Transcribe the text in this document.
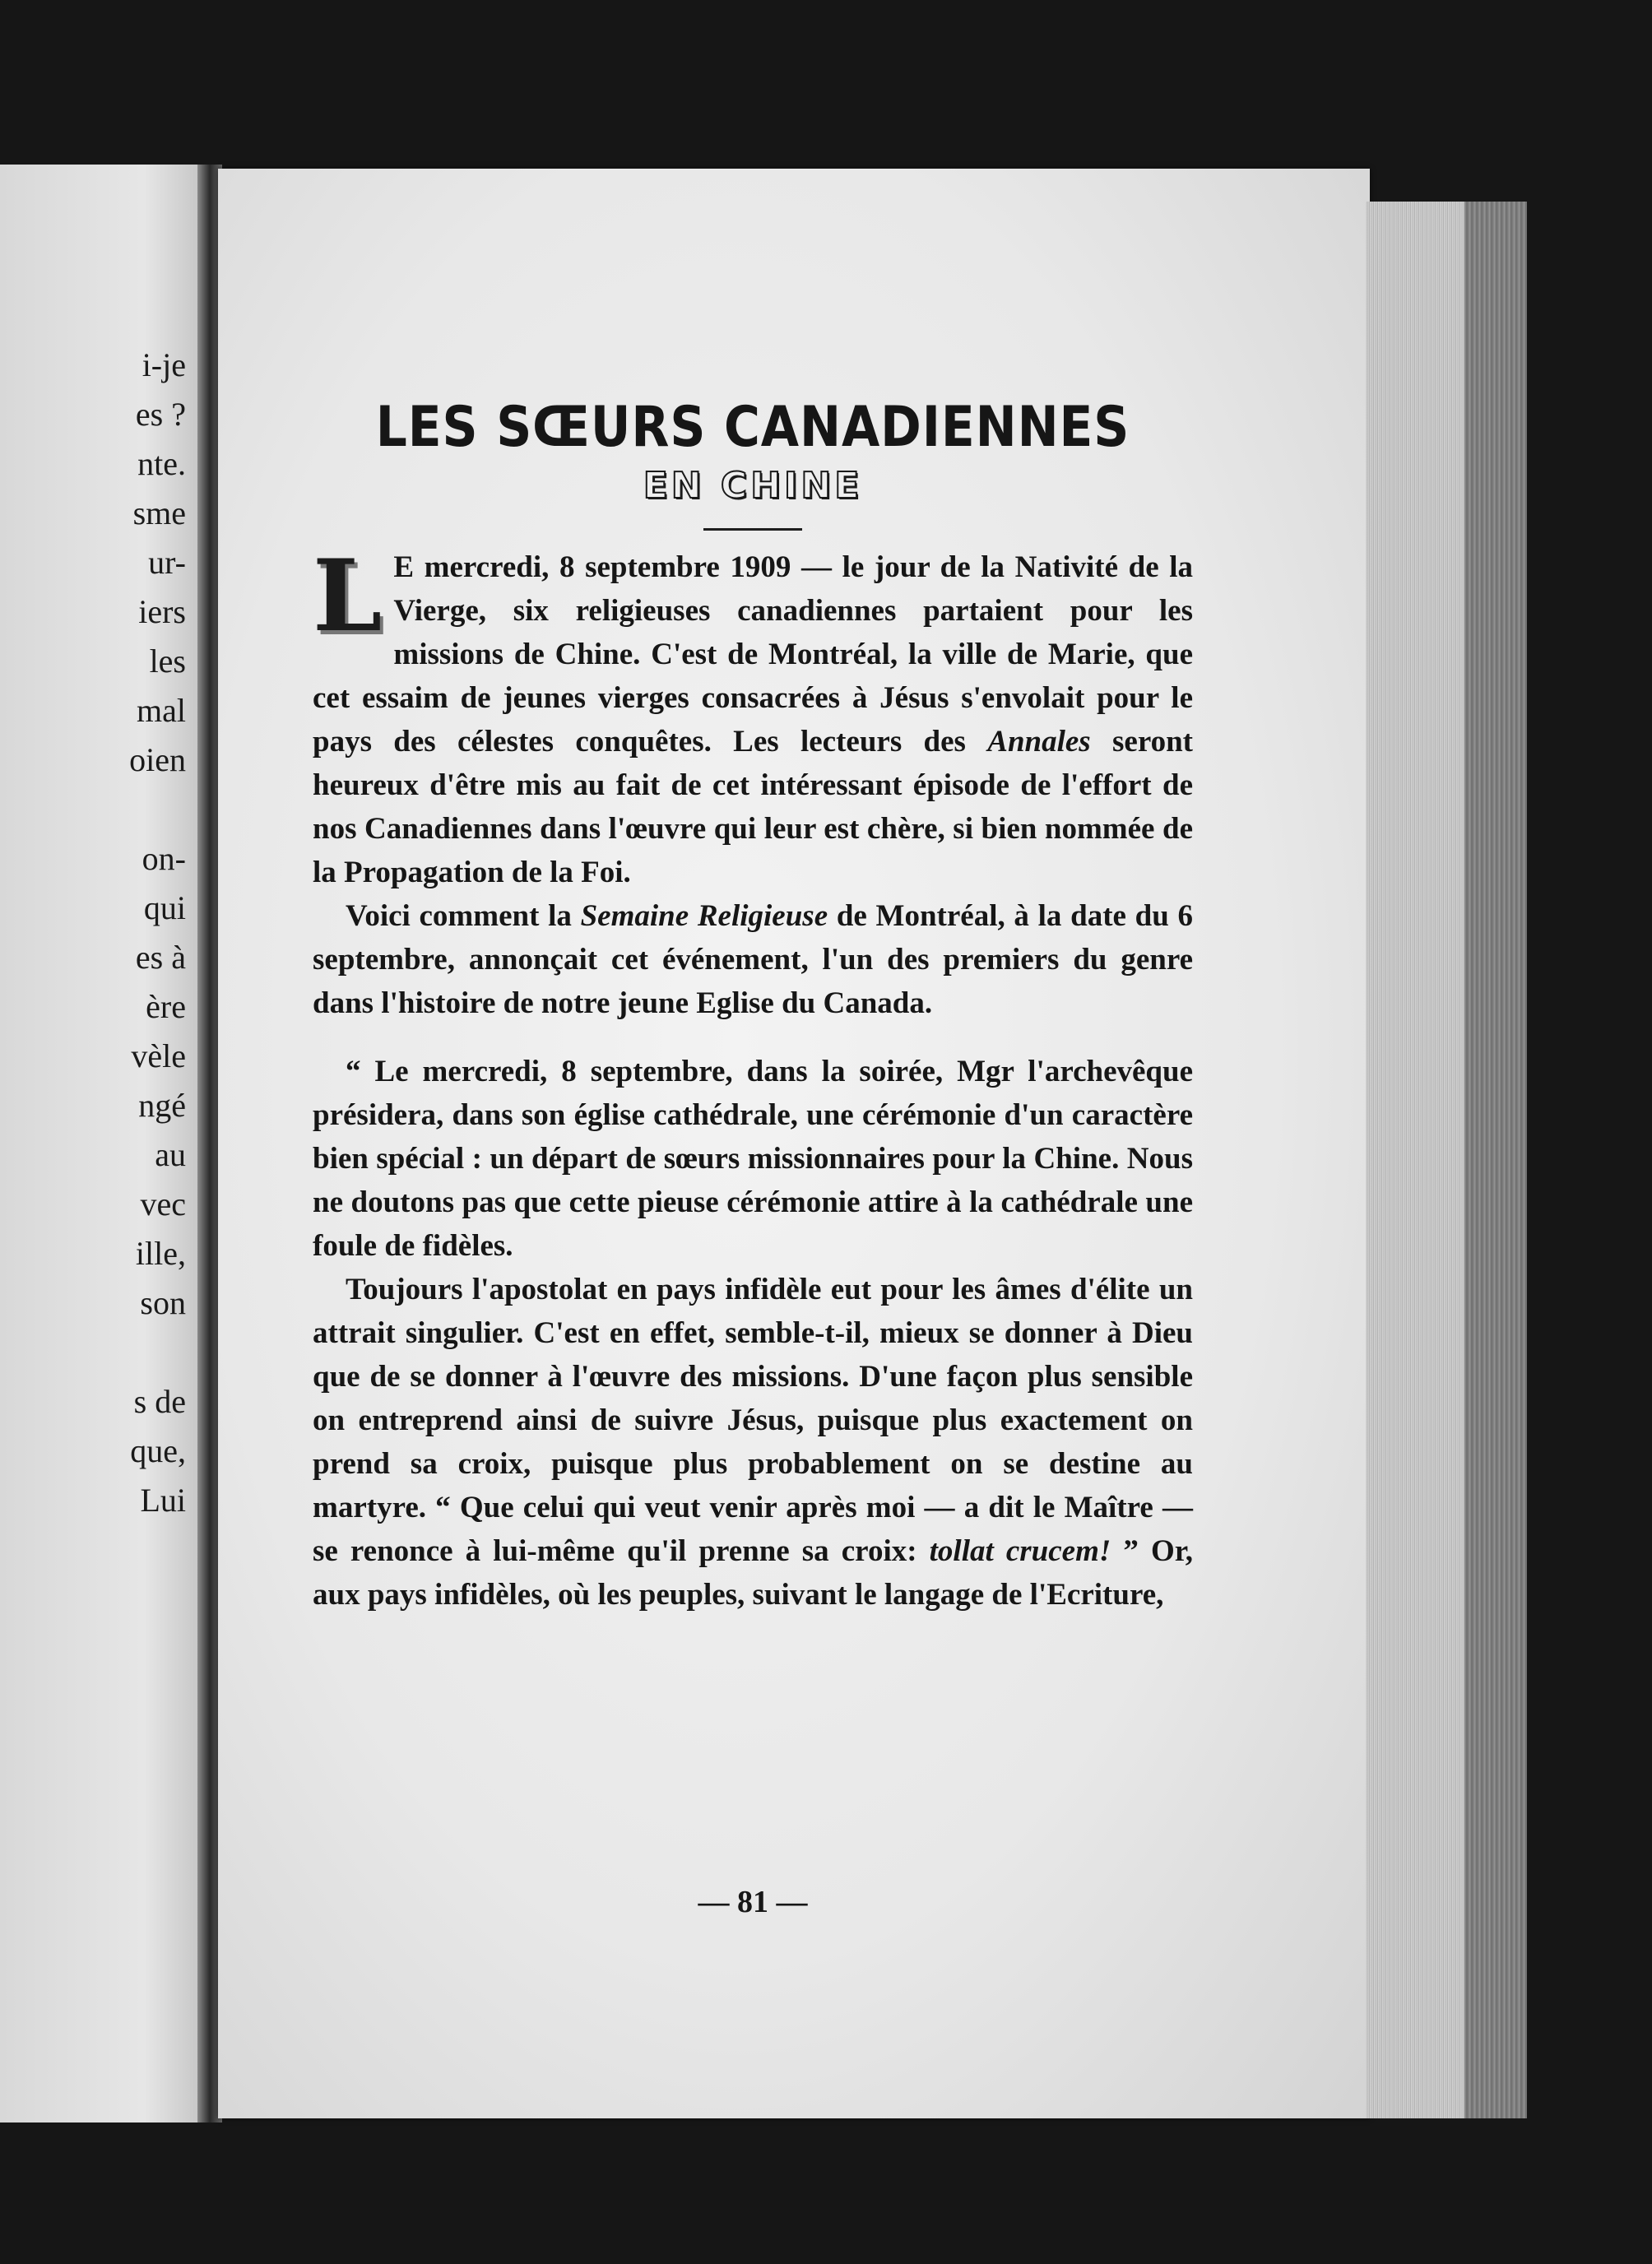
i-je
es ?
nte.
sme
ur-
iers
les
mal
oien
on-
qui
es à
ère
vèle
ngé
au
vec
ille,
son
s de
que,
Lui
LES SŒURS CANADIENNES
EN CHINE

L E mercredi, 8 septembre 1909 — le jour de la Nativité de la Vierge, six religieuses canadiennes partaient pour les missions de Chine. C'est de Montréal, la ville de Marie, que cet essaim de jeunes vierges consacrées à Jésus s'envolait pour le pays des célestes conquêtes. Les lecteurs des Annales seront heureux d'être mis au fait de cet intéressant épisode de l'effort de nos Canadiennes dans l'œuvre qui leur est chère, si bien nommée de la Propagation de la Foi.

Voici comment la Semaine Religieuse de Montréal, à la date du 6 septembre, annonçait cet événement, l'un des premiers du genre dans l'histoire de notre jeune Eglise du Canada.

“ Le mercredi, 8 septembre, dans la soirée, Mgr l'archevêque présidera, dans son église cathédrale, une cérémonie d'un caractère bien spécial : un départ de sœurs missionnaires pour la Chine. Nous ne doutons pas que cette pieuse cérémonie attire à la cathédrale une foule de fidèles.

Toujours l'apostolat en pays infidèle eut pour les âmes d'élite un attrait singulier. C'est en effet, semble-t-il, mieux se donner à Dieu que de se donner à l'œuvre des missions. D'une façon plus sensible on entreprend ainsi de suivre Jésus, puisque plus exactement on prend sa croix, puisque plus probablement on se destine au martyre. “ Que celui qui veut venir après moi — a dit le Maître — se renonce à lui-même qu'il prenne sa croix: tollat crucem! ” Or, aux pays infidèles, où les peuples, suivant le langage de l'Ecriture,

— 81 —
